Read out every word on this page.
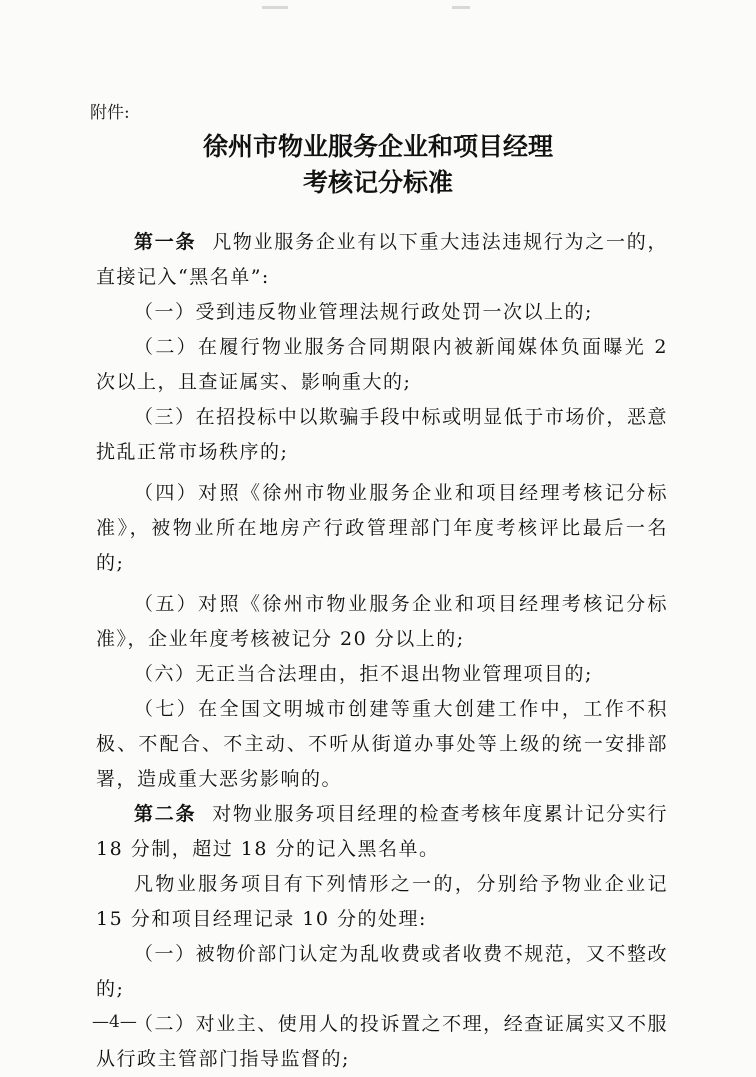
附件:
徐州市物业服务企业和项目经理
考核记分标准

第一条 凡物业服务企业有以下重大违法违规行为之一的，直接记入“黑名单”:

（一）受到违反物业管理法规行政处罚一次以上的;

（二）在履行物业服务合同期限内被新闻媒体负面曝光 2 次以上，且查证属实、影响重大的;

（三）在招投标中以欺骗手段中标或明显低于市场价，恶意扰乱正常市场秩序的;

（四）对照《徐州市物业服务企业和项目经理考核记分标准》，被物业所在地房产行政管理部门年度考核评比最后一名的;

（五）对照《徐州市物业服务企业和项目经理考核记分标准》，企业年度考核被记分 20 分以上的;

（六）无正当合法理由，拒不退出物业管理项目的;

（七）在全国文明城市创建等重大创建工作中，工作不积极、不配合、不主动、不听从街道办事处等上级的统一安排部署，造成重大恶劣影响的。

第二条 对物业服务项目经理的检查考核年度累计记分实行 18 分制，超过 18 分的记入黑名单。

凡物业服务项目有下列情形之一的，分别给予物业企业记 15 分和项目经理记录 10 分的处理:

（一）被物价部门认定为乱收费或者收费不规范，又不整改的;

（二）对业主、使用人的投诉置之不理，经查证属实又不服从行政主管部门指导监督的;

—4—
